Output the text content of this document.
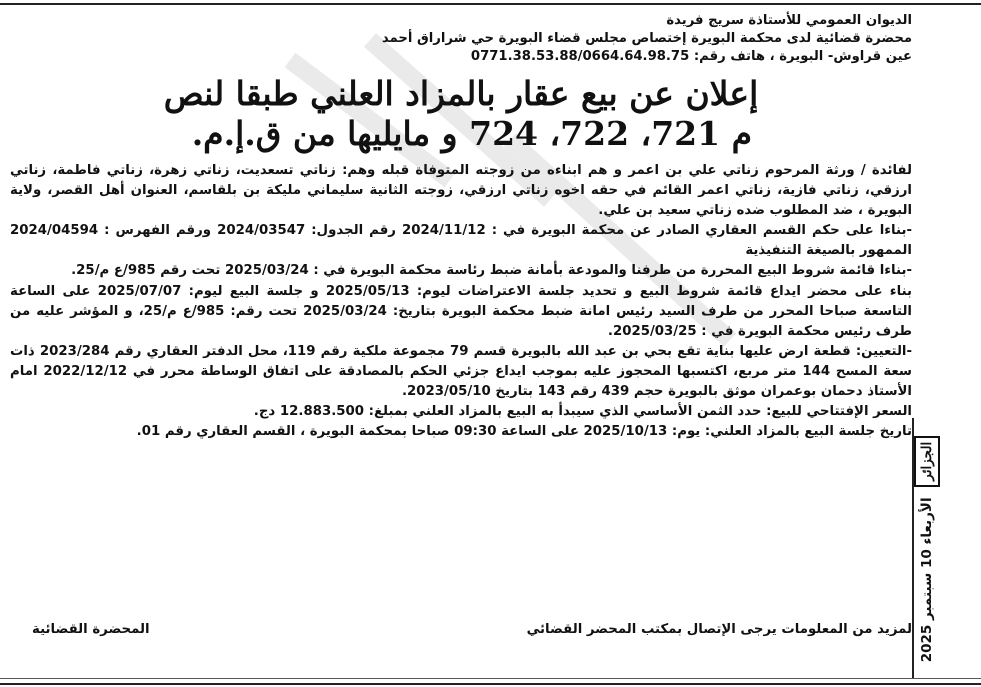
الديوان العمومي للأستاذة سريج فريدة
محضرة قضائية لدى محكمة البويرة إختصاص مجلس قضاء البويرة حي شراراق أحمد
عين قراوش- البويرة ، هاتف رقم: 0771.38.53.88/0664.64.98.75
إعلان عن بيع عقار بالمزاد العلني طبقا لنص
م 721، 722، 724 و مايليها من ق.إ.م.

لفائدة / ورثة المرحوم زناتي علي بن اعمر و هم ابناءه من زوجته المتوفاة قبله وهم: زناتي تسعديت، زناتي زهرة، زناتي فاطمة، زناتي ارزقي، زناتي فازية، زناتي اعمر القائم في حقه اخوه زناتي ارزقي، زوجته الثانية سليماني مليكة بن بلقاسم، العنوان أهل القصر، ولاية البويرة ، ضد المطلوب ضده زناتي سعيد بن علي.

-بناءا على حكم القسم العقاري الصادر عن محكمة البويرة في : 2024/11/12 رقم الجدول: 2024/03547 ورقم الفهرس : 2024/04594 الممهور بالصيغة التنفيذية

-بناءا قائمة شروط البيع المحررة من طرفنا والمودعة بأمانة ضبط رئاسة محكمة البويرة في : 2025/03/24 تحت رقم 985/ع م/25.

بناء على محضر ايداع قائمة شروط البيع و تحديد جلسة الاعتراضات ليوم: 2025/05/13 و جلسة البيع ليوم: 2025/07/07 على الساعة التاسعة صباحا المحرر من طرف السيد رئيس امانة ضبط محكمة البويرة بتاريخ: 2025/03/24 تحت رقم: 985/ع م/25، و المؤشر عليه من طرف رئيس محكمة البويرة في : 2025/03/25.

-التعيين: قطعة ارض عليها بناية تقع بحي بن عبد الله بالبويرة قسم 79 مجموعة ملكية رقم 119، محل الدفتر العقاري رقم 2023/284 ذات سعة المسح 144 متر مربع، اكتسبها المحجوز عليه بموجب ايداع جزئي الحكم بالمصادقة على اتفاق الوساطة محرر في 2022/12/12 امام الأستاذ دحمان بوعمران موثق بالبويرة حجم 439 رقم 143 بتاريخ 2023/05/10.

السعر الإفتتاحي للبيع: حدد الثمن الأساسي الذي سيبدأ به البيع بالمزاد العلني بمبلغ: 12.883.500 دج.

تاريخ جلسة البيع بالمزاد العلني: يوم: 2025/10/13 على الساعة 09:30 صباحا بمحكمة البويرة ، القسم العقاري رقم 01.

لمزيد من المعلومات يرجى الإتصال بمكتب المحضر القضائي
المحضرة القضائية
الجزائر الأربعاء 10 سبتمبر 2025
